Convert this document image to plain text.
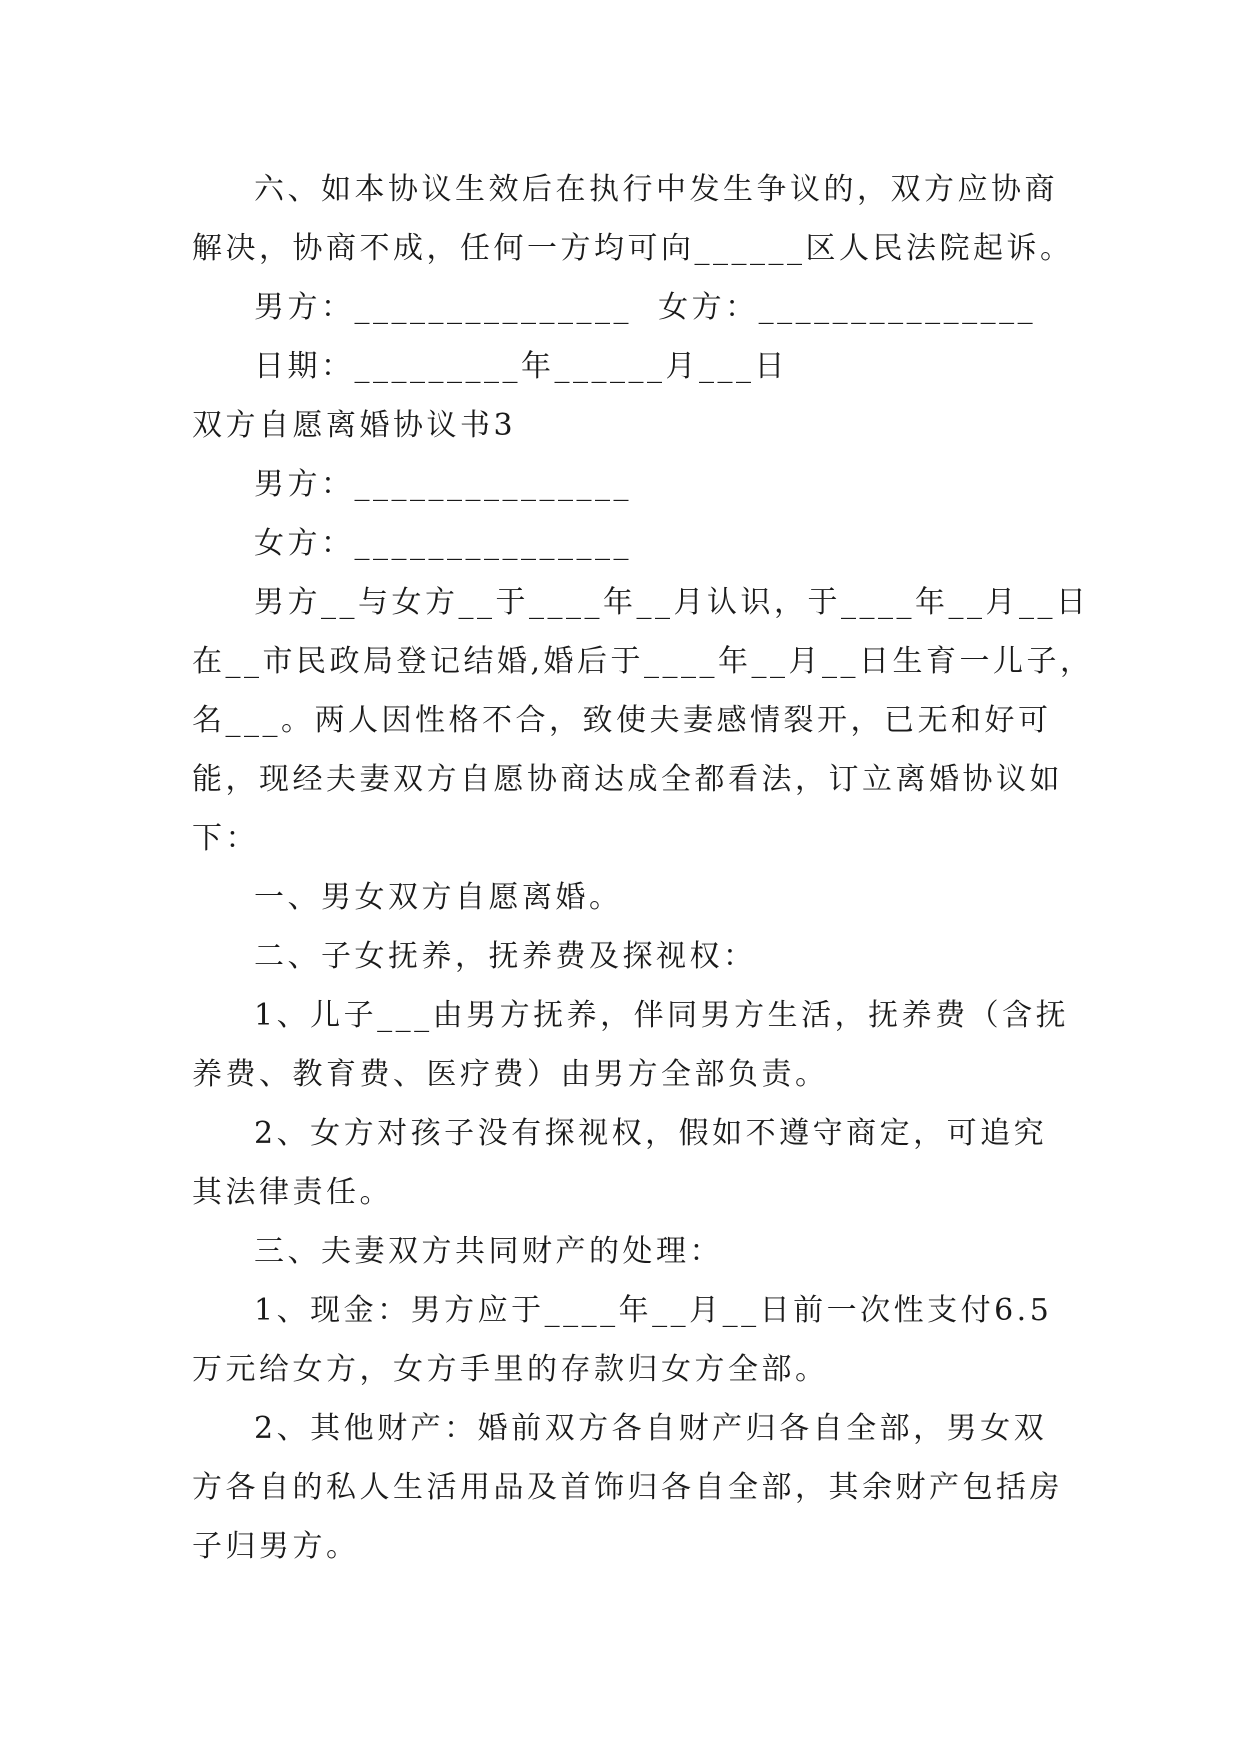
六、如本协议生效后在执行中发生争议的，双方应协商
解决，协商不成，任何一方均可向______区人民法院起诉。
男方：_______________  女方：_______________
日期：_________年______月___日
双方自愿离婚协议书3
男方：_______________
女方：_______________
男方__与女方__于____年__月认识，于____年__月__日
在__市民政局登记结婚,婚后于____年__月__日生育一儿子，
名___。两人因性格不合，致使夫妻感情裂开，已无和好可
能，现经夫妻双方自愿协商达成全都看法，订立离婚协议如
下：
一、男女双方自愿离婚。
二、子女抚养，抚养费及探视权：
1、儿子___由男方抚养，伴同男方生活，抚养费（含抚
养费、教育费、医疗费）由男方全部负责。
2、女方对孩子没有探视权，假如不遵守商定，可追究
其法律责任。
三、夫妻双方共同财产的处理：
1、现金：男方应于____年__月__日前一次性支付6.5
万元给女方，女方手里的存款归女方全部。
2、其他财产：婚前双方各自财产归各自全部，男女双
方各自的私人生活用品及首饰归各自全部，其余财产包括房
子归男方。
